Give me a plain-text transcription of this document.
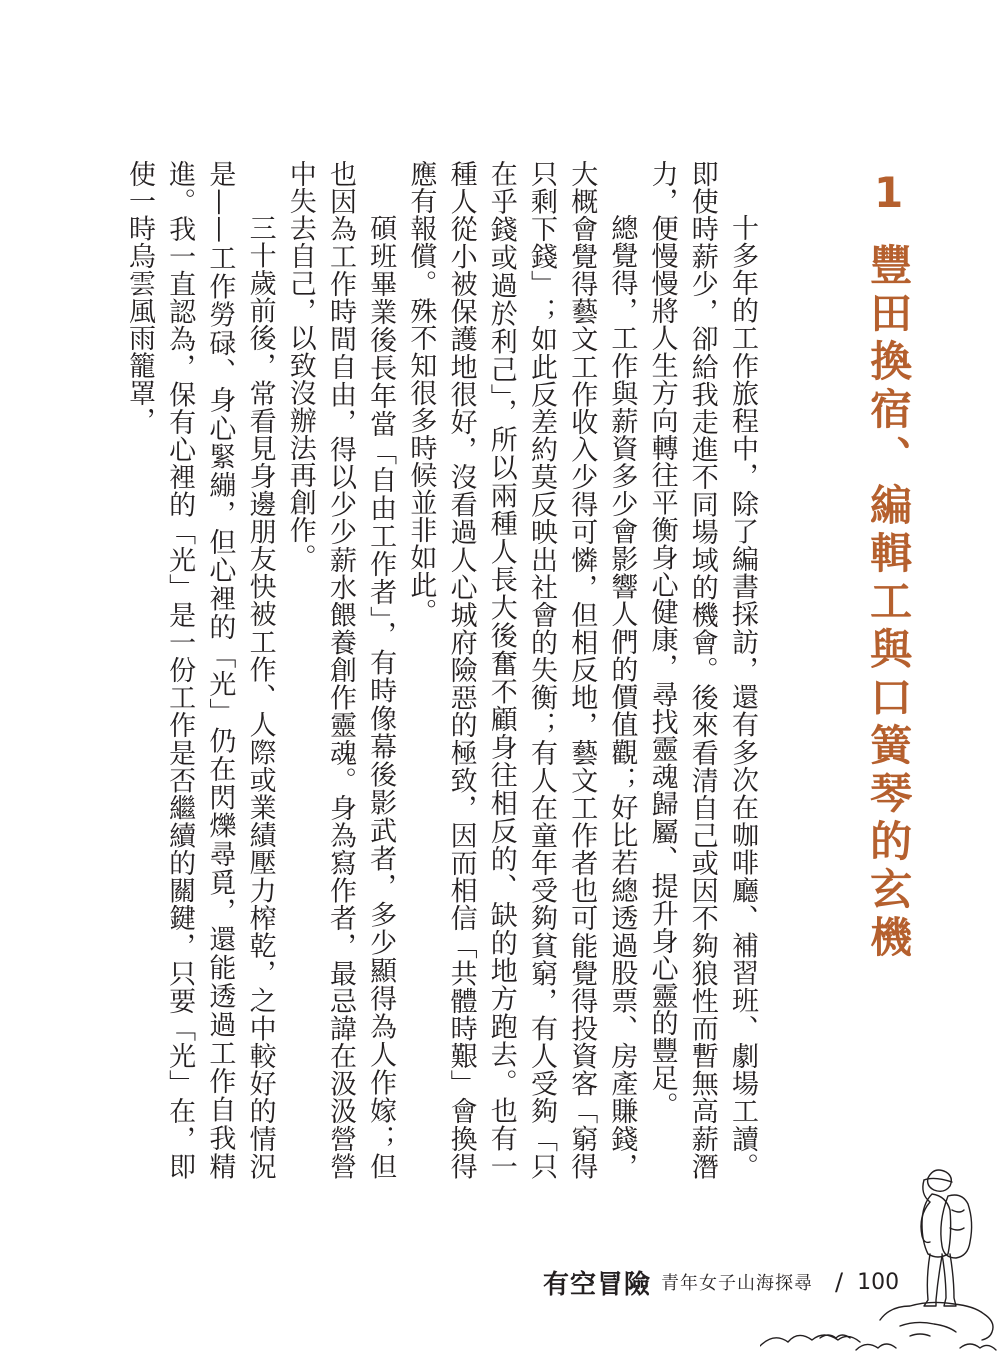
1豐田換宿、編輯工與口簧琴的玄機

十多年的工作旅程中，除了編書採訪，還有多次在咖啡廳、補習班、劇場工讀。即使時薪少，卻給我走進不同場域的機會。後來看清自己或因不夠狼性而暫無高薪潛力，便慢慢將人生方向轉往平衡身心健康，尋找靈魂歸屬、提升身心靈的豐足。

總覺得，工作與薪資多少會影響人們的價值觀；好比若總透過股票、房產賺錢，大概會覺得藝文工作收入少得可憐，但相反地，藝文工作者也可能覺得投資客「窮得只剩下錢」；如此反差約莫反映出社會的失衡；有人在童年受夠貧窮，有人受夠「只在乎錢或過於利己」，所以兩種人長大後奮不顧身往相反的、缺的地方跑去。也有一種人從小被保護地很好，沒看過人心城府險惡的極致，因而相信「共體時艱」會換得應有報償。殊不知很多時候並非如此。

碩班畢業後長年當「自由工作者」，有時像幕後影武者，多少顯得為人作嫁；但也因為工作時間自由，得以少少薪水餵養創作靈魂。身為寫作者，最忌諱在汲汲營營中失去自己，以致沒辦法再創作。

三十歲前後，常看見身邊朋友快被工作、人際或業績壓力榨乾，之中較好的情況是——工作勞碌、身心緊繃，但心裡的「光」仍在閃爍尋覓，還能透過工作自我精進。我一直認為，保有心裡的「光」是一份工作是否繼續的關鍵，只要「光」在，即使一時烏雲風雨籠罩，

有空冒險 青年女子山海探尋 / 100
